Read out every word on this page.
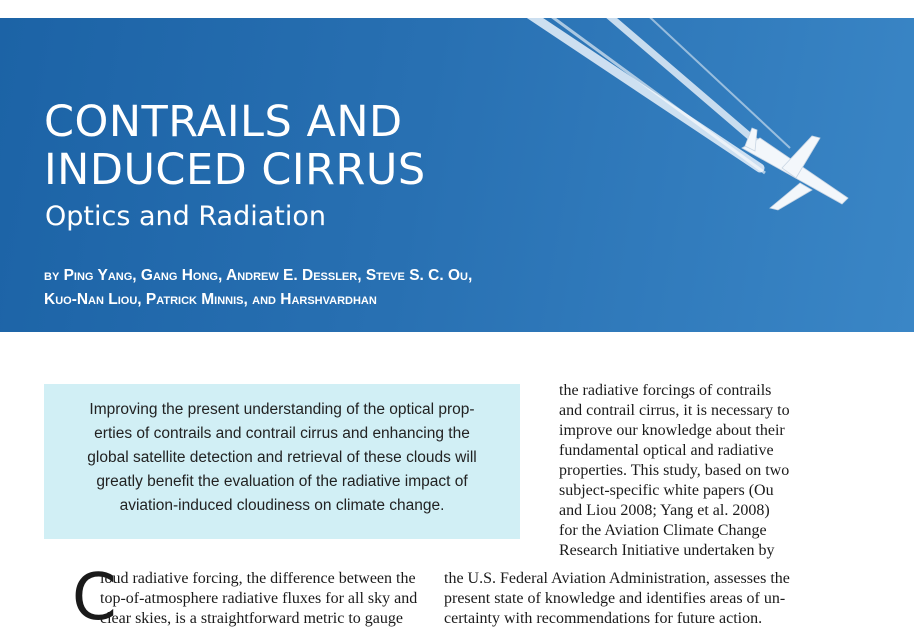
CONTRAILS AND
INDUCED CIRRUS
Optics and Radiation

by Ping Yang, Gang Hong, Andrew E. Dessler, Steve S. C. Ou,
Kuo-Nan Liou, Patrick Minnis, and Harshvardhan

Improving the present understanding of the optical prop-
erties of contrails and contrail cirrus and enhancing the
global satellite detection and retrieval of these clouds will
greatly benefit the evaluation of the radiative impact of
aviation-induced cloudiness on climate change.
the radiative forcings of contrails
and contrail cirrus, it is necessary to
improve our knowledge about their
fundamental optical and radiative
properties. This study, based on two
subject-specific white papers (Ou
and Liou 2008; Yang et al. 2008)
for the Aviation Climate Change
Research Initiative undertaken by
C
loud radiative forcing, the difference between the
top-of-atmosphere radiative fluxes for all sky and
clear skies, is a straightforward metric to gauge
the U.S. Federal Aviation Administration, assesses the
present state of knowledge and identifies areas of un-
certainty with recommendations for future action.
